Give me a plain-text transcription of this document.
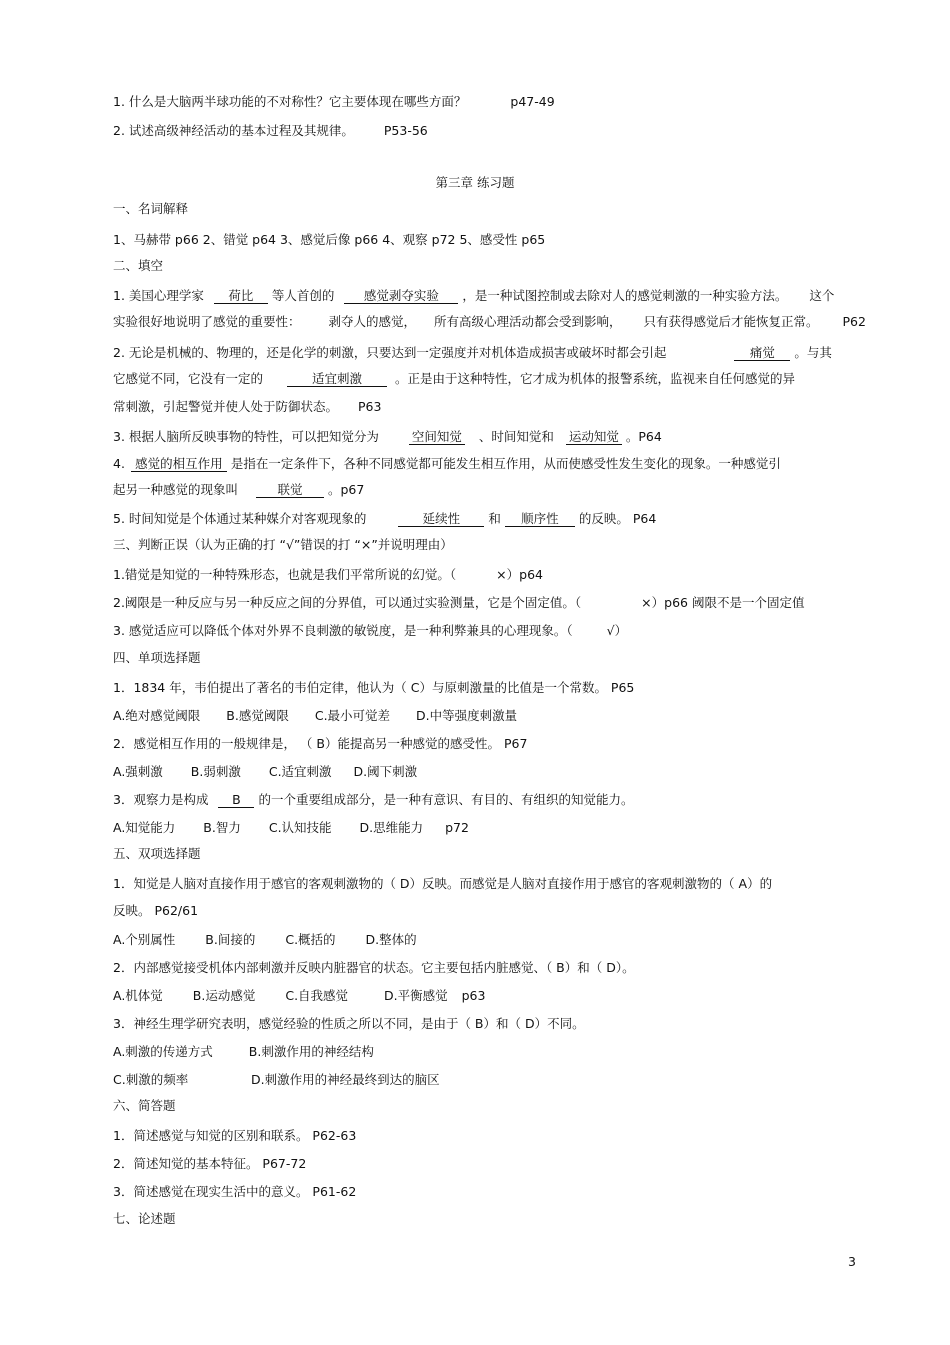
1. 什么是大脑两半球功能的不对称性？它主要体现在哪些方面？	p47-49
2. 试述高级神经活动的基本过程及其规律。 P53-56
第三章 练习题
一、名词解释
1、马赫带 p66 2、错觉 p64 3、感觉后像 p66 4、观察 p72 5、感受性 p65
二、填空
1. 美国心理学家 荷比 等人首创的 感觉剥夺实验 ，是一种试图控制或去除对人的感觉刺激的一种实验方法。 这个
实验很好地说明了感觉的重要性： 剥夺人的感觉， 所有高级心理活动都会受到影响， 只有获得感觉后才能恢复正常。 P62
2. 无论是机械的、物理的，还是化学的刺激，只要达到一定强度并对机体造成损害或破坏时都会引起	痛觉 。与其
它感觉不同，它没有一定的	适宜刺激	。正是由于这种特性，它才成为机体的报警系统，监视来自任何感觉的异
常刺激，引起警觉并使人处于防御状态。 P63
3. 根据人脑所反映事物的特性，可以把知觉分为	空间知觉 、时间知觉和 运动知觉 。P64
4. 感觉的相互作用 是指在一定条件下，各种不同感觉都可能发生相互作用，从而使感受性发生变化的现象。一种感觉引
起另一种感觉的现象叫	联觉 。p67
5. 时间知觉是个体通过某种媒介对客观现象的	延续性 和 顺序性 的反映。 P64
三、判断正误（认为正确的打 “√”错误的打 “×”并说明理由）
1.错觉是知觉的一种特殊形态，也就是我们平常所说的幻觉。（	×）p64
2.阈限是一种反应与另一种反应之间的分界值，可以通过实验测量，它是个固定值。（	×）p66 阈限不是一个固定值
3. 感觉适应可以降低个体对外界不良刺激的敏锐度，是一种利弊兼具的心理现象。（	√）
四、单项选择题
1．1834 年，韦伯提出了著名的韦伯定律，他认为（ C）与原刺激量的比值是一个常数。 P65
A.绝对感觉阈限 B.感觉阈限 C.最小可觉差 D.中等强度刺激量
2．感觉相互作用的一般规律是， （ B）能提高另一种感觉的感受性。 P67
A.强刺激 B.弱刺激 C.适宜刺激 D.阈下刺激
3．观察力是构成 B 的一个重要组成部分，是一种有意识、有目的、有组织的知觉能力。
A.知觉能力 B.智力 C.认知技能 D.思维能力 p72
五、双项选择题
1．知觉是人脑对直接作用于感官的客观刺激物的（ D）反映。而感觉是人脑对直接作用于感官的客观刺激物的（ A）的
反映。 P62/61
A.个别属性 B.间接的 C.概括的 D.整体的
2．内部感觉接受机体内部刺激并反映内脏器官的状态。它主要包括内脏感觉、（ B）和（ D）。
A.机体觉 B.运动感觉 C.自我感觉	D.平衡感觉 p63
3．神经生理学研究表明，感觉经验的性质之所以不同，是由于（ B）和（ D）不同。
A.刺激的传递方式	B.刺激作用的神经结构
C.刺激的频率	D.刺激作用的神经最终到达的脑区
六、简答题
1．简述感觉与知觉的区别和联系。 P62-63
2．简述知觉的基本特征。 P67-72
3．简述感觉在现实生活中的意义。 P61-62
七、论述题
3
